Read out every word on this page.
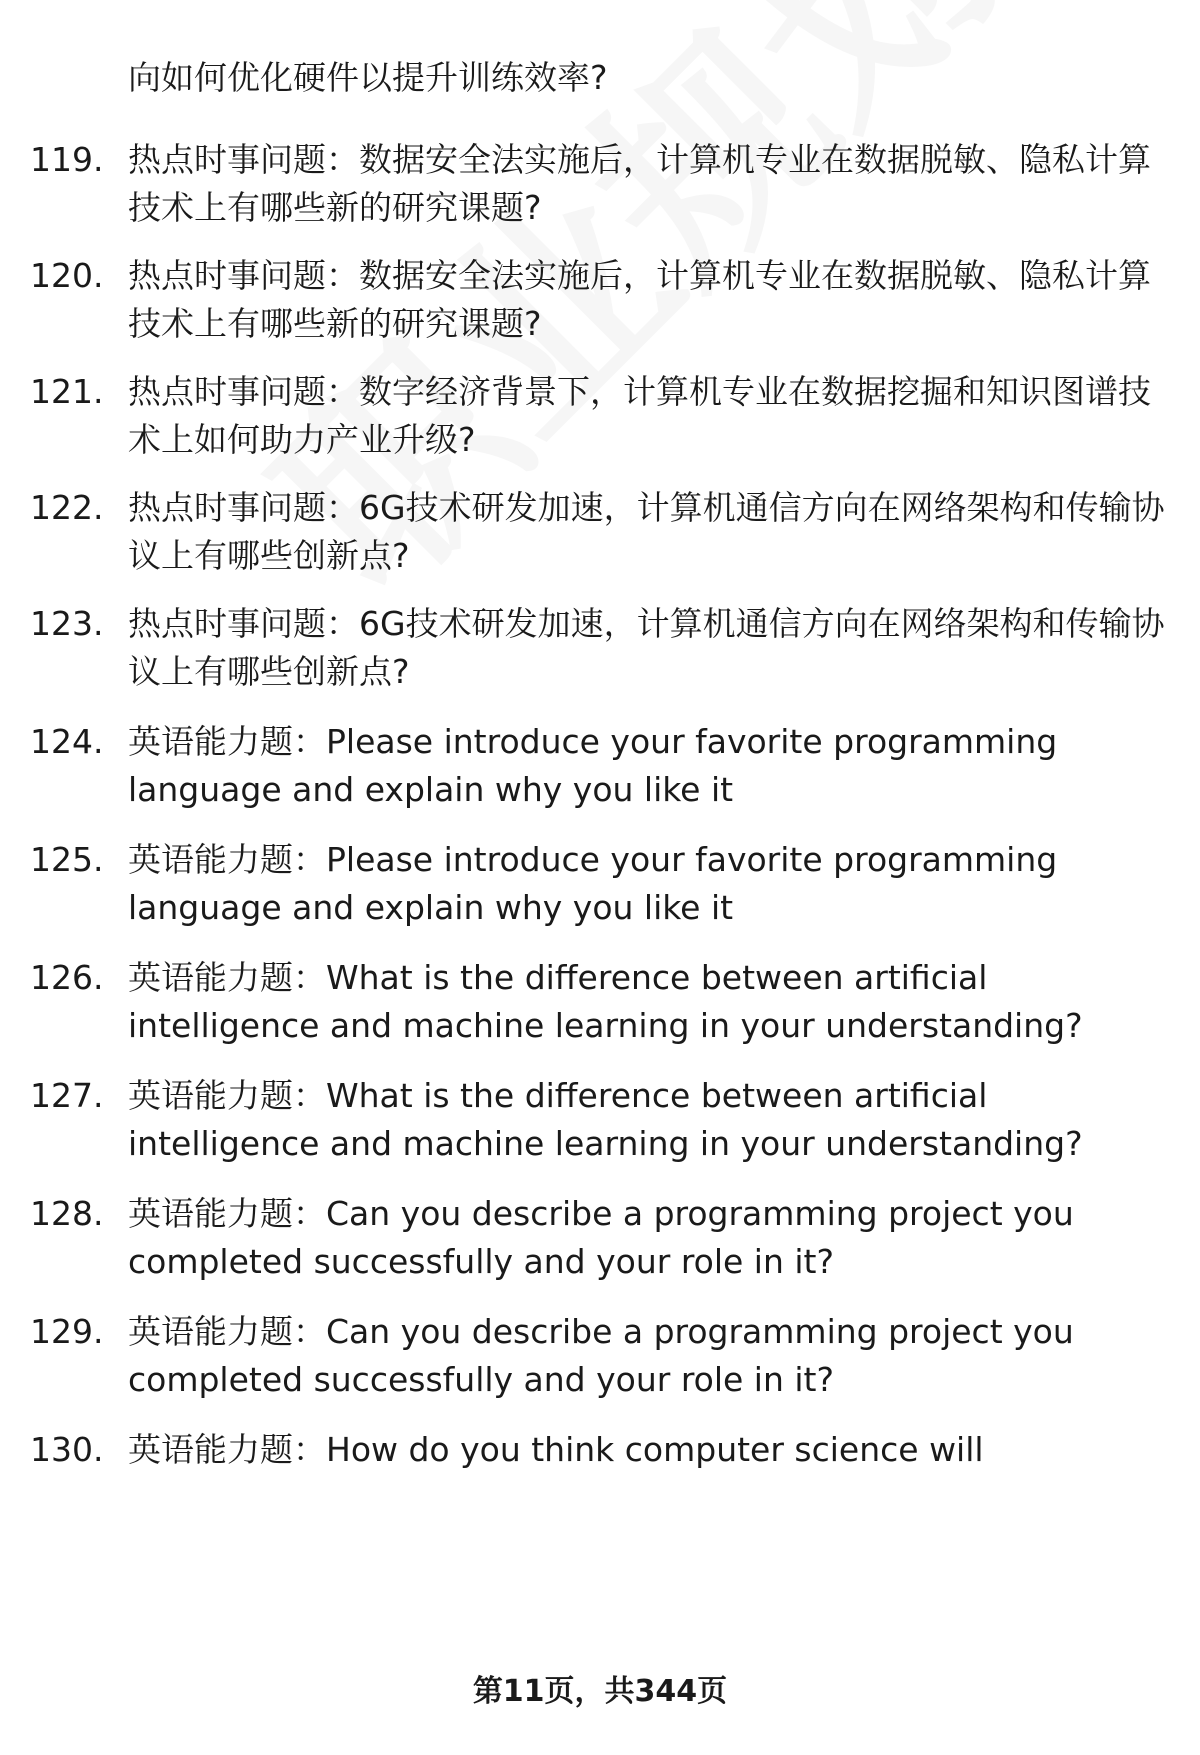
向如何优化硬件以提升训练效率?
119. 热点时事问题：数据安全法实施后，计算机专业在数据脱敏、隐私计算技术上有哪些新的研究课题?
120. 热点时事问题：数据安全法实施后，计算机专业在数据脱敏、隐私计算技术上有哪些新的研究课题?
121. 热点时事问题：数字经济背景下，计算机专业在数据挖掘和知识图谱技术上如何助力产业升级?
122. 热点时事问题：6G技术研发加速，计算机通信方向在网络架构和传输协议上有哪些创新点?
123. 热点时事问题：6G技术研发加速，计算机通信方向在网络架构和传输协议上有哪些创新点?
124. 英语能力题：Please introduce your favorite programming language and explain why you like it
125. 英语能力题：Please introduce your favorite programming language and explain why you like it
126. 英语能力题：What is the difference between artificial intelligence and machine learning in your understanding?
127. 英语能力题：What is the difference between artificial intelligence and machine learning in your understanding?
128. 英语能力题：Can you describe a programming project you completed successfully and your role in it?
129. 英语能力题：Can you describe a programming project you completed successfully and your role in it?
130. 英语能力题：How do you think computer science will
第11页，共344页
